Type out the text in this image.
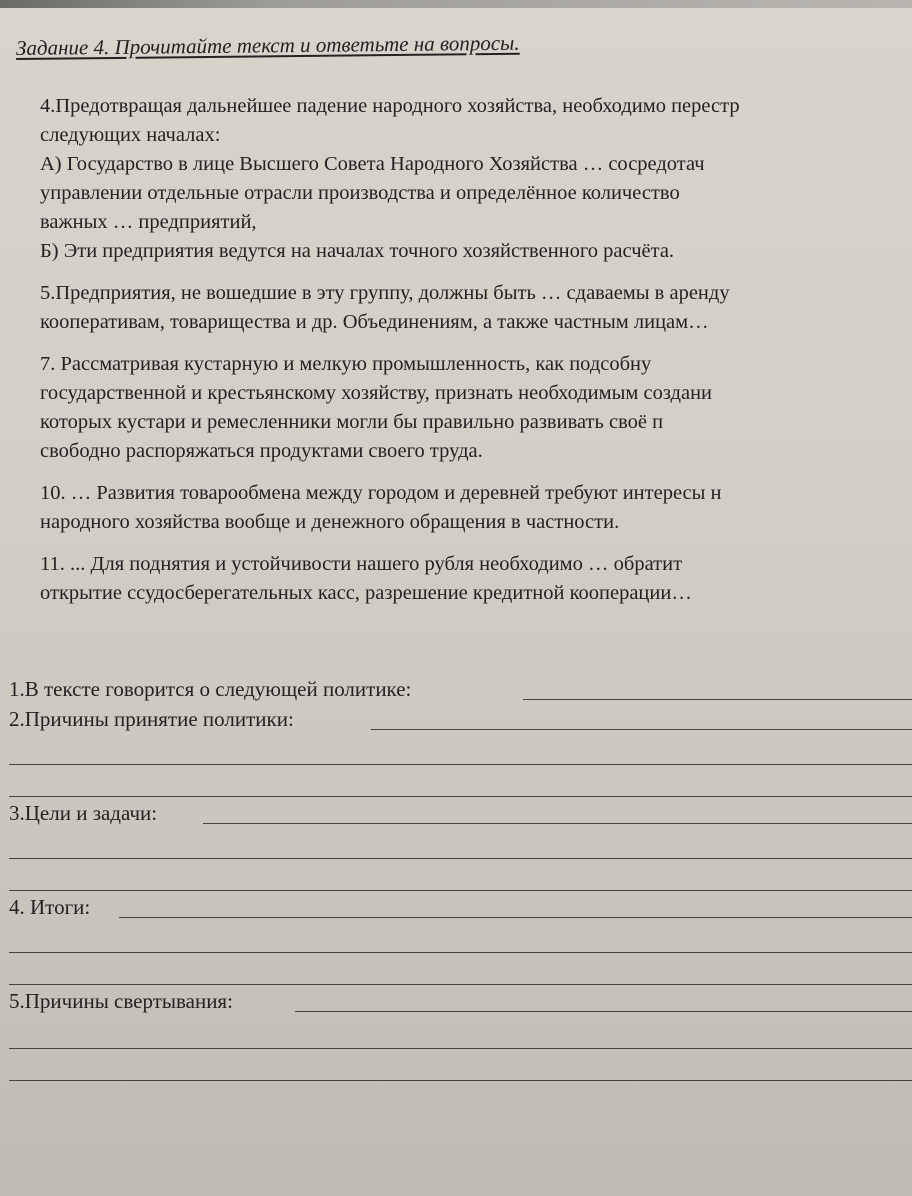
Задание 4. Прочитайте текст и ответьте на вопросы.

4.Предотвращая дальнейшее падение народного хозяйства, необходимо перестр

следующих началах:

А) Государство в лице Высшего Совета Народного Хозяйства … сосредотач

управлении отдельные отрасли производства и определённое количество

важных … предприятий,

Б) Эти предприятия ведутся на началах точного хозяйственного расчёта.

5.Предприятия, не вошедшие в эту группу, должны быть … сдаваемы в аренду

кооперативам, товарищества и др. Объединениям, а также частным лицам…

7. Рассматривая кустарную и мелкую промышленность, как подсобну

государственной и крестьянскому хозяйству, признать необходимым создани

которых кустари и ремесленники могли бы правильно развивать своё п

свободно распоряжаться продуктами своего труда.

10. … Развития товарообмена между городом и деревней требуют интересы н

народного хозяйства вообще и денежного обращения в частности.

11. ... Для поднятия и устойчивости нашего рубля необходимо … обратит

открытие ссудосберегательных касс, разрешение кредитной кооперации…

1.В тексте говорится о следующей политике:
2.Причины принятие политики:
3.Цели и задачи:
4. Итоги:
5.Причины свертывания:
